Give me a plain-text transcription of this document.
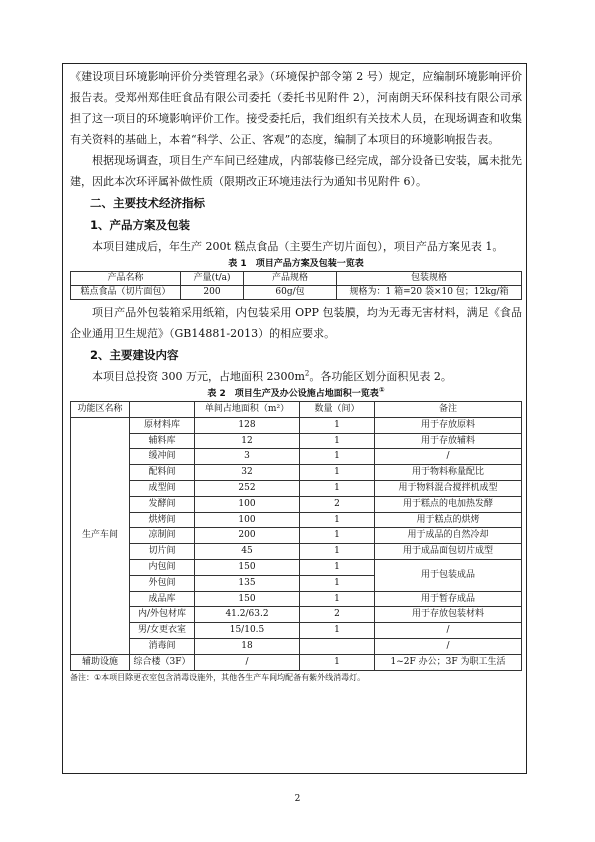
《建设项目环境影响评价分类管理名录》（环境保护部令第 2 号）规定，应编制环境影响评价报告表。受郑州郑佳旺食品有限公司委托（委托书见附件 2），河南朗天环保科技有限公司承担了这一项目的环境影响评价工作。接受委托后，我们组织有关技术人员，在现场调查和收集有关资料的基础上，本着“科学、公正、客观”的态度，编制了本项目的环境影响报告表。

根据现场调查，项目生产车间已经建成，内部装修已经完成，部分设备已安装，属未批先建，因此本次环评属补做性质（限期改正环境违法行为通知书见附件 6）。

二、主要技术经济指标
1、产品方案及包装

本项目建成后，年生产 200t 糕点食品（主要生产切片面包），项目产品方案见表 1。

表 1　项目产品方案及包装一览表
产品名称	产量(t/a)	产品规格	包装规格
糕点食品（切片面包）	200	60g/包	规格为：1 箱=20 袋×10 包；12kg/箱

项目产品外包装箱采用纸箱，内包装采用 OPP 包装膜，均为无毒无害材料，满足《食品企业通用卫生规范》（GB14881-2013）的相应要求。

2、主要建设内容

本项目总投资 300 万元，占地面积 $2300m^2$。各功能区划分面积见表 2。

表 2　项目生产及办公设施占地面积一览表①
功能区名称		单间占地面积（m²）	数量（间）	备注
生产车间	原材料库	128	1	用于存放原料
	辅料库	12	1	用于存放辅料
	缓冲间	3	1	/
	配料间	32	1	用于物料称量配比
	成型间	252	1	用于物料混合搅拌机成型
	发酵间	100	2	用于糕点的电加热发酵
	烘烤间	100	1	用于糕点的烘烤
	凉制间	200	1	用于成品的自然冷却
	切片间	45	1	用于成品面包切片成型
	内包间	150	1	用于包装成品
	外包间	135	1	
	成品库	150	1	用于暂存成品
	内/外包材库	41.2/63.2	2	用于存放包装材料
	男/女更衣室	15/10.5	1	/
	消毒间	18		/
辅助设施	综合楼（3F）	/	1	1~2F 办公；3F 为职工生活
备注：①本项目除更衣室包含消毒设施外，其他各生产车间均配备有紫外线消毒灯。
2
